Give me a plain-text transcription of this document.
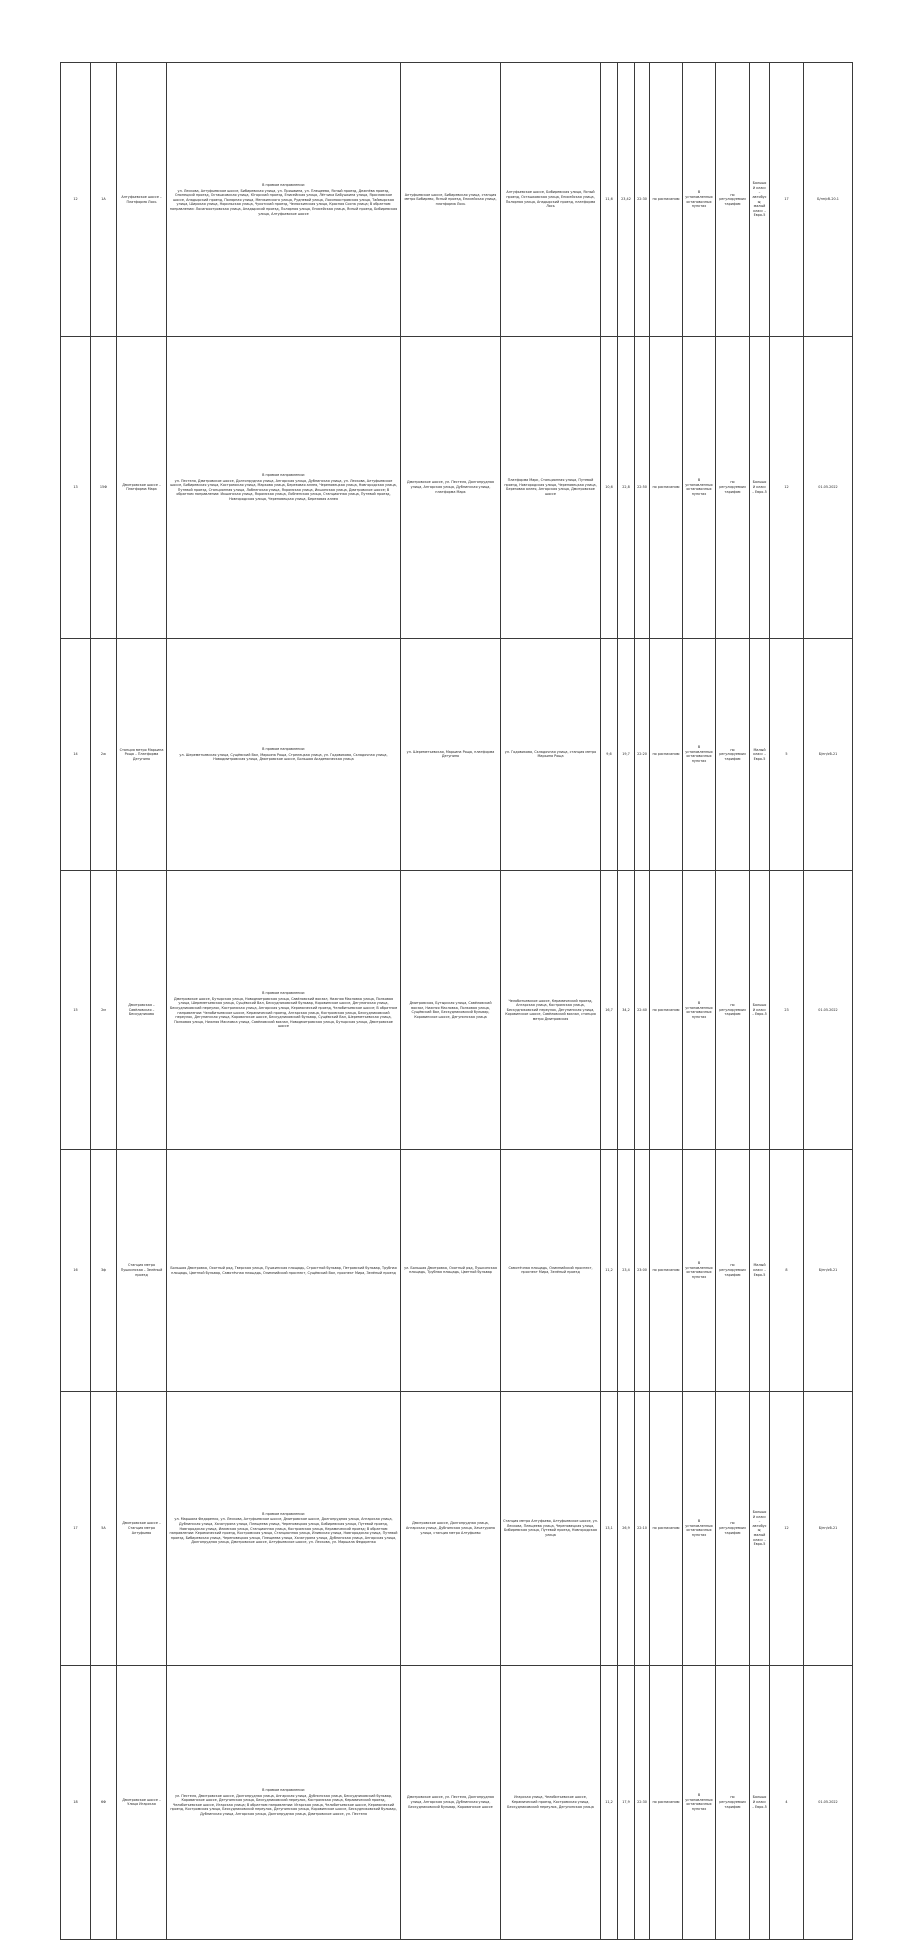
12	1А	Алтуфьевское шоссе – Платформа Лось	В прямом направлении:
ул. Лескова, Алтуфьевское шоссе, Бибиревская улица, ул. Пришвина, ул. Плещеева, Ясный проезд, Дежнёва проезд, Олонецкий проезд, Осташковская улица, Югорский проезд, Енисейская улица, Лётчика Бабушкина улица, Ярославское шоссе, Анадырский проезд, Полярная улица, Менжинского улица, Рудневой улица, Лосиноостровская улица, Таймырская улица, Широкая улица, Норильская улица, Чукотский проезд, Челюскинская улица, Красная Сосна улица; В обратном направлении: Лосиноостровская улица, Анадырский проезд, Полярная улица, Енисейская улица, Ясный проезд, Бибиревская улица, Алтуфьевское шоссе	Алтуфьевское шоссе, Бибиревская улица, станция метро Бибирево, Ясный проезд, Енисейская улица, платформа Лось	Алтуфьевское шоссе, Бибиревская улица, Ясный проезд, Осташковская улица, Енисейская улица, Полярная улица, Анадырский проезд, платформа Лось	11,6	23,42	22:30	по расписанию	В установленных остановочных пунктах	по регулируемым тарифам	Большой класс – автобусы; малый класс – Евро-5	17	Б/пн/сб-20.1	
13	15Ф	Дмитровское шоссе – Платформа Марк	В прямом направлении:
ул. Пестеля, Дмитровское шоссе, Долгопрудная улица, Ангарская улица, Дубнинская улица, ул. Лескова, Алтуфьевское шоссе, Бибиревская улица, Костромская улица, Маркова улица, Березовая аллея, Череповецкая улица, Новгородская улица, Путевой проезд, Станционная улица, Лобненская улица, Яхромская улица, Икшинская улица, Дмитровское шоссе; В обратном направлении: Икшинская улица, Яхромская улица, Лобненская улица, Станционная улица, Путевой проезд, Новгородская улица, Череповецкая улица, Березовая аллея	Дмитровское шоссе, ул. Пестеля, Долгопрудная улица, Ангарская улица, Дубнинская улица, платформа Марк	Платформа Марк, Станционная улица, Путевой проезд, Новгородская улица, Череповецкая улица, Березовая аллея, Ангарская улица, Дмитровское шоссе	10,6	22,8	22:50	по расписанию	В установленных остановочных пунктах	по регулируемым тарифам	Большой класс – Евро-5	12	01.05.2022	
14	2ж	Станция метро Марьина Роща – Платформа Дегунино	В прямом направлении:
ул. Шереметьевская улица, Сущёвский Вал, Марьина Роща, Стрелецкая улица, ул. Годовикова, Складочная улица, Новодмитровская улица, Дмитровское шоссе, Большая Академическая улица	ул. Шереметьевская, Марьина Роща, платформа Дегунино	ул. Годовикова, Складочная улица, станция метро Марьина Роща	9,6	19,7	22:20	по расписанию	В установленных остановочных пунктах	по регулируемым тарифам	Малый класс – Евро-5	5	Б/пн/сб-21	
15	2м	Дмитровская – Савёловская – Бескудниково	В прямом направлении:
Дмитровское шоссе, Бутырская улица, Новодмитровская улица, Савёловский вокзал, Нижняя Масловка улица, Полковая улица, Шереметьевская улица, Сущёвский Вал, Бескудниковский бульвар, Коровинское шоссе, Дегунинская улица, Бескудниковский переулок, Костромская улица, Ангарская улица, Керамический проезд, Челобитьевское шоссе; В обратном направлении: Челобитьевское шоссе, Керамический проезд, Ангарская улица, Костромская улица, Бескудниковский переулок, Дегунинская улица, Коровинское шоссе, Бескудниковский бульвар, Сущёвский Вал, Шереметьевская улица, Полковая улица, Нижняя Масловка улица, Савёловский вокзал, Новодмитровская улица, Бутырская улица, Дмитровское шоссе	Дмитровская, Бутырская улица, Савёловский вокзал, Нижняя Масловка, Полковая улица, Сущёвский Вал, Бескудниковский бульвар, Коровинское шоссе, Дегунинская улица	Челобитьевское шоссе, Керамический проезд, Ангарская улица, Костромская улица, Бескудниковский переулок, Дегунинская улица, Коровинское шоссе, Савёловский вокзал, станция метро Дмитровская	16,7	34,2	22:40	по расписанию	В установленных остановочных пунктах	по регулируемым тарифам	Большой класс – Евро-5	23	01.05.2022	
16	3ф	Станция метро Пушкинская – Зелёный проезд	Большая Дмитровка, Охотный ряд, Тверская улица, Пушкинская площадь, Страстной бульвар, Петровский бульвар, Трубная площадь, Цветной бульвар, Самотёчная площадь, Олимпийский проспект, Сущёвский Вал, проспект Мира, Зелёный проезд	ул. Большая Дмитровка, Охотный ряд, Пушкинская площадь, Трубная площадь, Цветной бульвар	Самотёчная площадь, Олимпийский проспект, проспект Мира, Зелёный проезд	11,2	23,4	23:00	по расписанию	В установленных остановочных пунктах	по регулируемым тарифам	Малый класс – Евро-5	8	Б/пн/сб-21	
17	5А	Дмитровское шоссе – Станция метро Алтуфьево	В прямом направлении:
ул. Маршала Федоренко, ул. Лескова, Алтуфьевское шоссе, Дмитровское шоссе, Долгопрудная улица, Ангарская улица, Дубнинская улица, Хачатуряна улица, Плещеева улица, Череповецкая улица, Бибиревская улица, Путевой проезд, Новгородская улица, Илимская улица, Станционная улица, Костромская улица, Керамический проезд; В обратном направлении: Керамический проезд, Костромская улица, Станционная улица, Илимская улица, Новгородская улица, Путевой проезд, Бибиревская улица, Череповецкая улица, Плещеева улица, Хачатуряна улица, Дубнинская улица, Ангарская улица, Долгопрудная улица, Дмитровское шоссе, Алтуфьевское шоссе, ул. Лескова, ул. Маршала Федоренко	Дмитровское шоссе, Долгопрудная улица, Ангарская улица, Дубнинская улица, Хачатуряна улица, станция метро Алтуфьево	Станция метро Алтуфьево, Алтуфьевское шоссе, ул. Лескова, Плещеева улица, Череповецкая улица, Бибиревская улица, Путевой проезд, Новгородская улица	13,1	26,9	22:10	по расписанию	В установленных остановочных пунктах	по регулируемым тарифам	Большой класс – автобусы; малый класс – Евро-5	12	Б/пн/сб-21	
18	6Ф	Дмитровское шоссе – Улица Игарская	В прямом направлении:
ул. Пестеля, Дмитровское шоссе, Долгопрудная улица, Ангарская улица, Дубнинская улица, Бескудниковский бульвар, Коровинское шоссе, Дегунинская улица, Бескудниковский переулок, Костромская улица, Керамический проезд, Челобитьевское шоссе, Игарская улица; В обратном направлении: Игарская улица, Челобитьевское шоссе, Керамический проезд, Костромская улица, Бескудниковский переулок, Дегунинская улица, Коровинское шоссе, Бескудниковский бульвар, Дубнинская улица, Ангарская улица, Долгопрудная улица, Дмитровское шоссе, ул. Пестеля	Дмитровское шоссе, ул. Пестеля, Долгопрудная улица, Ангарская улица, Дубнинская улица, Бескудниковский бульвар, Коровинское шоссе	Игарская улица, Челобитьевское шоссе, Керамический проезд, Костромская улица, Бескудниковский переулок, Дегунинская улица	11,2	17,9	22:30	по расписанию	В установленных остановочных пунктах	по регулируемым тарифам	Большой класс – Евро-5	4	01.05.2022	
